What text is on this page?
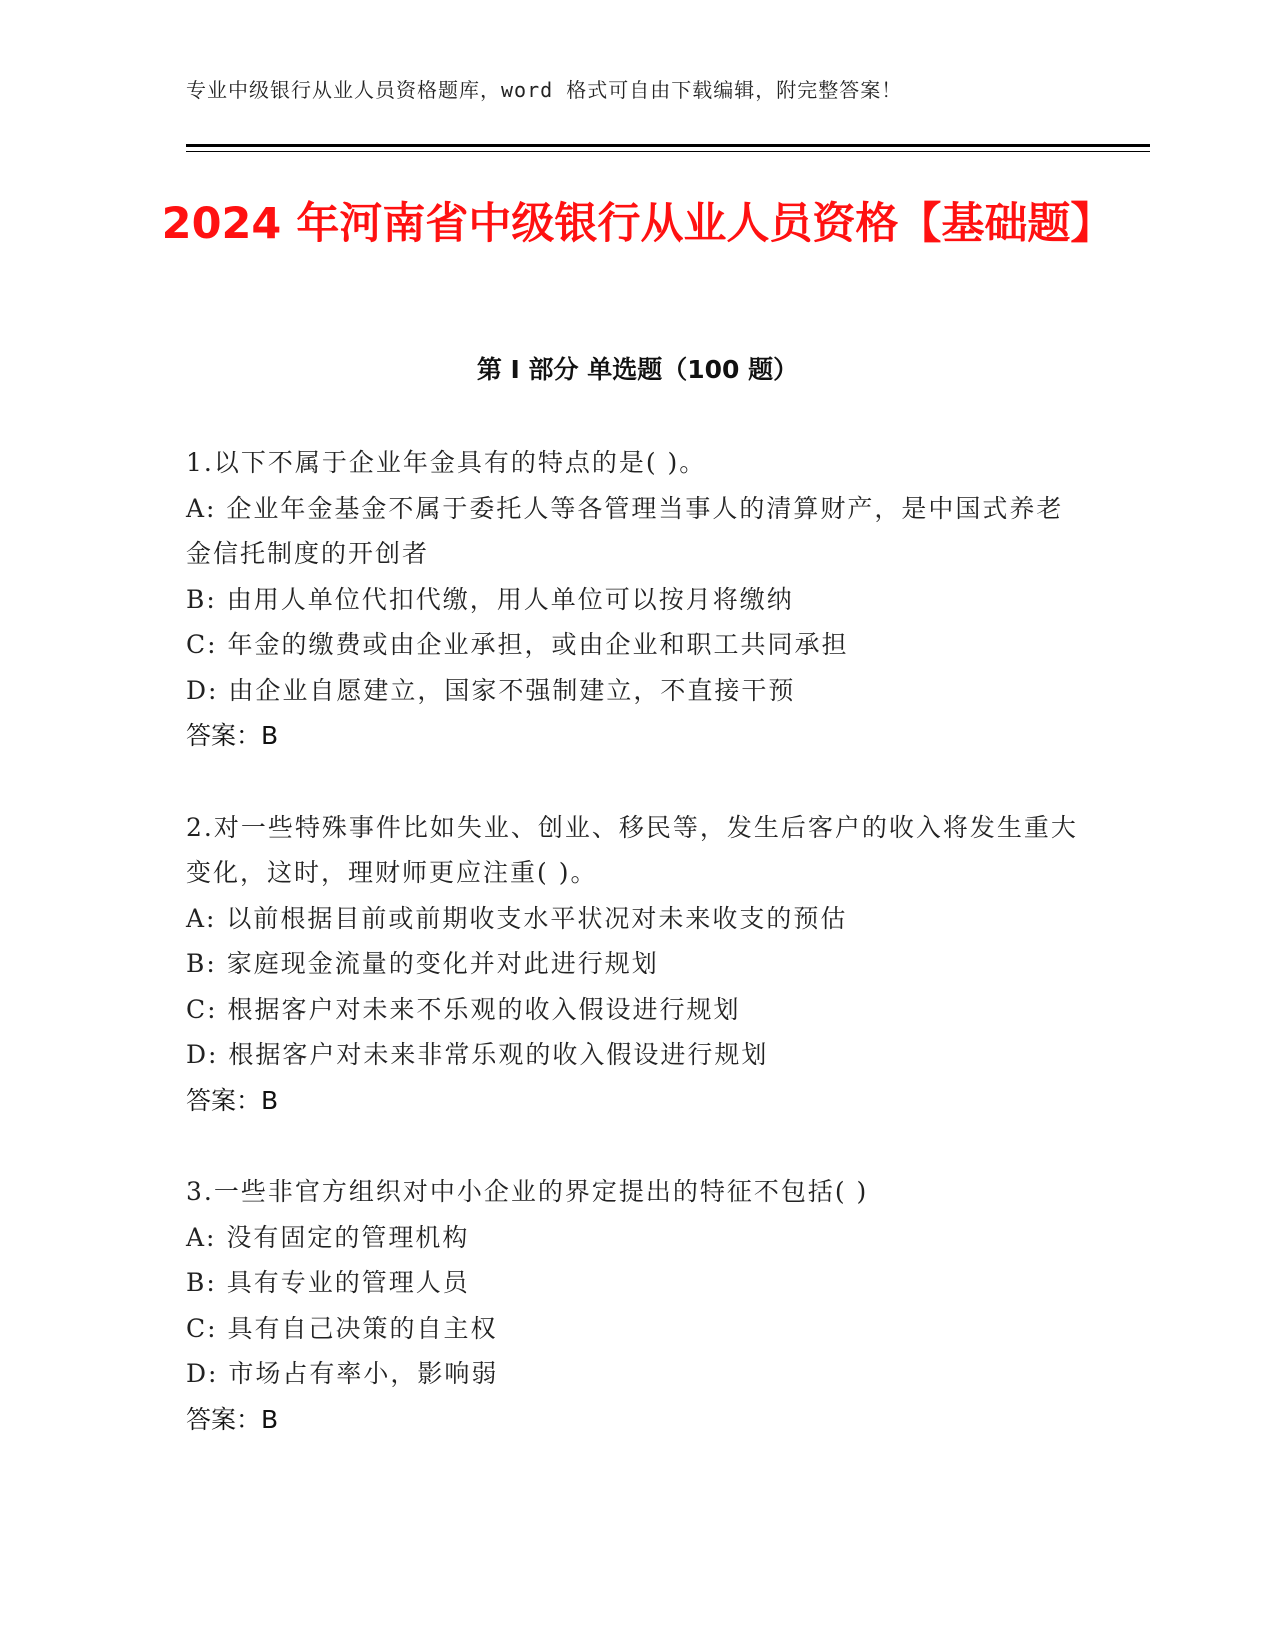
专业中级银行从业人员资格题库，word 格式可自由下载编辑，附完整答案！
2024 年河南省中级银行从业人员资格【基础题】
第 I 部分 单选题（100 题）

1.以下不属于企业年金具有的特点的是( )。

A: 企业年金基金不属于委托人等各管理当事人的清算财产，是中国式养老金信托制度的开创者

B: 由用人单位代扣代缴，用人单位可以按月将缴纳

C: 年金的缴费或由企业承担，或由企业和职工共同承担

D: 由企业自愿建立，国家不强制建立，不直接干预

答案：B

2.对一些特殊事件比如失业、创业、移民等，发生后客户的收入将发生重大变化，这时，理财师更应注重( )。

A: 以前根据目前或前期收支水平状况对未来收支的预估

B: 家庭现金流量的变化并对此进行规划

C: 根据客户对未来不乐观的收入假设进行规划

D: 根据客户对未来非常乐观的收入假设进行规划

答案：B

3.一些非官方组织对中小企业的界定提出的特征不包括( )

A: 没有固定的管理机构

B: 具有专业的管理人员

C: 具有自己决策的自主权

D: 市场占有率小，影响弱

答案：B
